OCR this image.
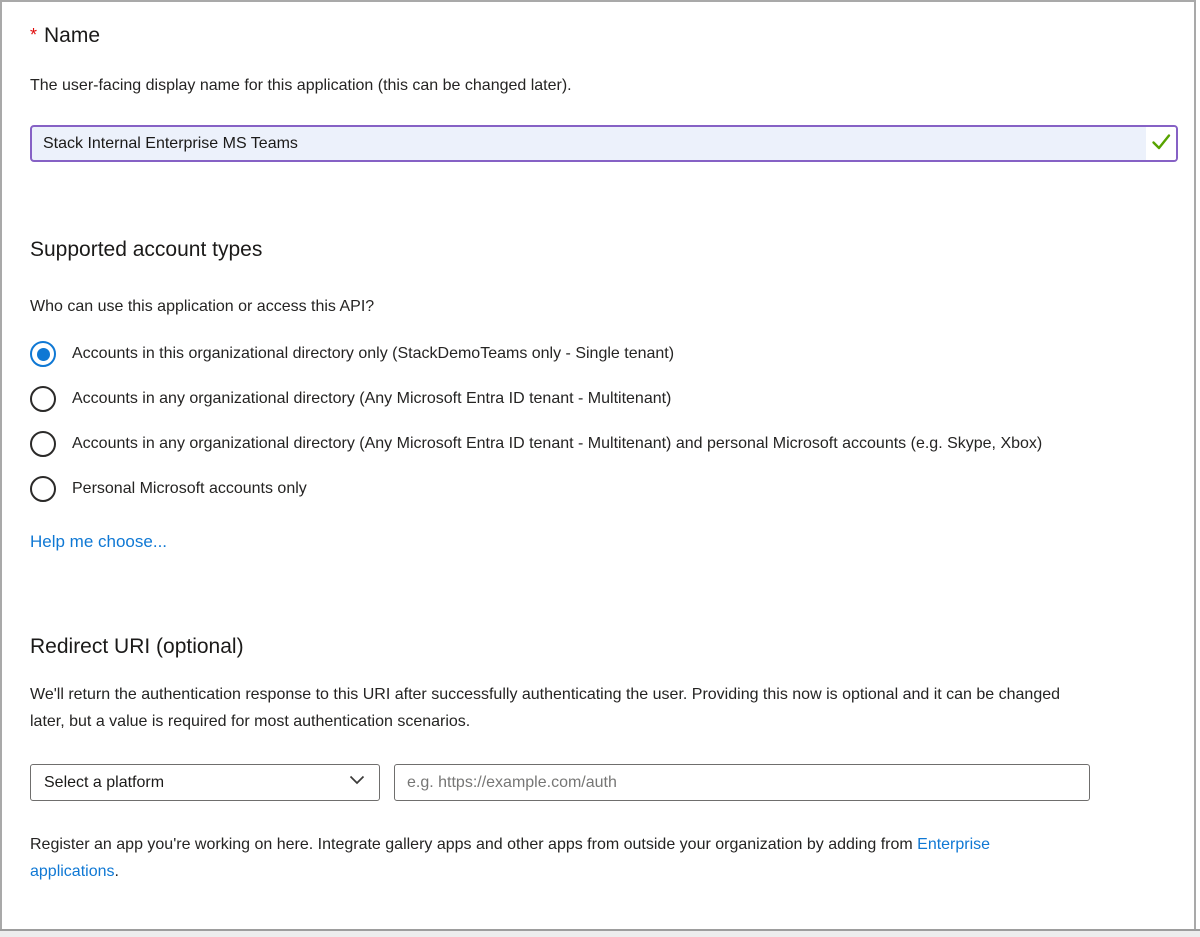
* Name

The user-facing display name for this application (this can be changed later).

Stack Internal Enterprise MS Teams
Supported account types

Who can use this application or access this API?

Accounts in this organizational directory only (StackDemoTeams only - Single tenant)
Accounts in any organizational directory (Any Microsoft Entra ID tenant - Multitenant)
Accounts in any organizational directory (Any Microsoft Entra ID tenant - Multitenant) and personal Microsoft accounts (e.g. Skype, Xbox)
Personal Microsoft accounts only
Help me choose...
Redirect URI (optional)

We'll return the authentication response to this URI after successfully authenticating the user. Providing this now is optional and it can be changed later, but a value is required for most authentication scenarios.

Select a platform
e.g. https://example.com/auth

Register an app you're working on here. Integrate gallery apps and other apps from outside your organization by adding from Enterprise applications.
